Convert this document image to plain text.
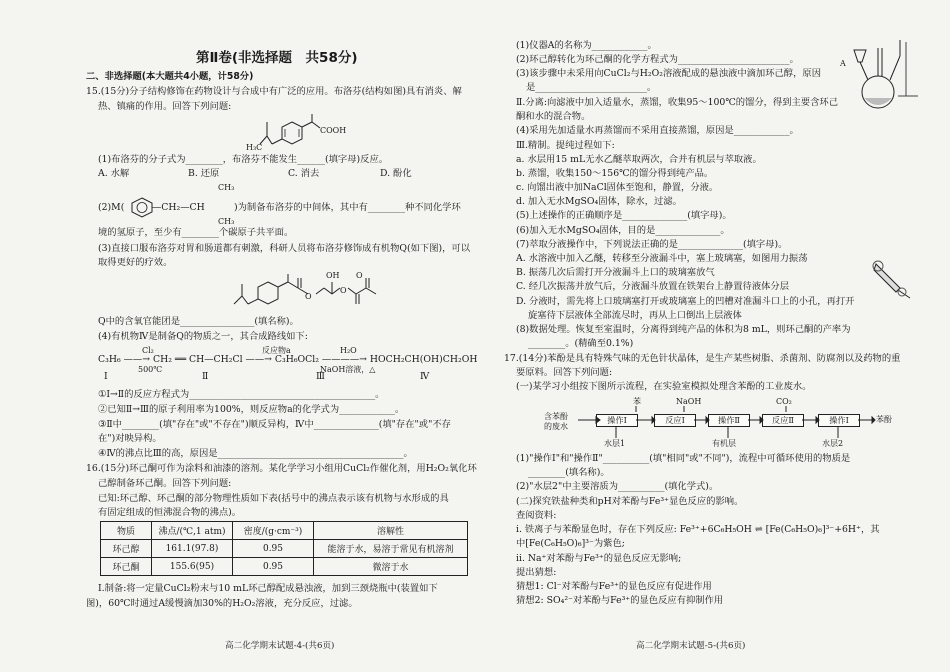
第Ⅱ卷(非选择题　共58分)
二、非选择题(本大题共4小题，计58分)
15.(15分)分子结构修饰在药物设计与合成中有广泛的应用。布洛芬(结构如图)具有消炎、解
热、镇痛的作用。回答下列问题:
COOH
H₃C
(1)布洛芬的分子式为________，布洛芬不能发生______(填字母)反应。
A. 水解	B. 还原	C. 消去	D. 酚化
CH₃
(2)M(	—CH₂—CH	)为制备布洛芬的中间体，其中有________种不同化学环
CH₃
境的氢原子，至少有________个碳原子共平面。
(3)直接口服布洛芬对胃和肠道都有刺激，科研人员将布洛芬修饰成有机物Q(如下图)，可以
取得更好的疗效。
OH
O
O
O
Q中的含氧官能团是________________(填名称)。
(4)有机物Ⅳ是制备Q的物质之一，其合成路线如下:
Cl₂
500℃
反应物a	H₂O
NaOH溶液，△
C₃H₆ ——→ CH₂ ══ CH—CH₂Cl ——→ C₃H₆OCl₂ ————→ HOCH₂CH(OH)CH₂OH
Ⅰ	Ⅱ	Ⅲ	Ⅳ
①Ⅰ→Ⅱ的反应方程式为________________________________________。
②已知Ⅱ→Ⅲ的原子利用率为100%，则反应物a的化学式为____________。
③Ⅱ中________(填"存在"或"不存在")顺反异构，Ⅳ中______________(填"存在"或"不存
在")对映异构。
④Ⅳ的沸点比Ⅲ的高，原因是________________________________________。
16.(15分)环己酮可作为涂料和油漆的溶剂。某化学学习小组用CuCl₂作催化剂，用H₂O₂氧化环
己醇制备环己酮。回答下列问题:
已知:环己醇、环己酮的部分物理性质如下表(括号中的沸点表示该有机物与水形成的具
有固定组成的恒沸混合物的沸点)。
物质	沸点/(℃,1 atm)	密度/(g·cm⁻³)	溶解性
环己醇	161.1(97.8)	0.95	能溶于水，易溶于常见有机溶剂
环己酮	155.6(95)	0.95	微溶于水
Ⅰ.制备:将一定量CuCl₂粉末与10 mL环己醇配成悬浊液，加到三颈烧瓶中(装置如下
图)，60℃时通过A缓慢滴加30%的H₂O₂溶液，充分反应，过滤。
高二化学期末试题-4-(共6页)
(1)仪器A的名称为____________。
(2)环己醇转化为环己酮的化学方程式为________________________。
(3)该步骤中未采用向CuCl₂与H₂O₂溶液配成的悬浊液中滴加环己醇，原因
是________________________。
A
Ⅱ.分离:向滤液中加入适量水，蒸馏，收集95～100℃的馏分，得到主要含环己
酮和水的混合物。
(4)采用先加适量水再蒸馏而不采用直接蒸馏，原因是____________。
Ⅲ.精制。提纯过程如下:
a. 水层用15 mL无水乙醚萃取两次，合并有机层与萃取液。
b. 蒸馏，收集150～156℃的馏分得到纯产品。
c. 向馏出液中加NaCl固体至饱和，静置，分液。
d. 加入无水MgSO₄固体，除水，过滤。
(5)上述操作的正确顺序是______________(填字母)。
(6)加入无水MgSO₄固体，目的是______________。
(7)萃取分液操作中，下列说法正确的是______________(填字母)。
A. 水溶液中加入乙醚，转移至分液漏斗中，塞上玻璃塞，如图用力振荡
B. 振荡几次后需打开分液漏斗上口的玻璃塞放气
C. 经几次振荡并放气后，分液漏斗放置在铁架台上静置待液体分层
D. 分液时，需先将上口玻璃塞打开或玻璃塞上的凹槽对准漏斗口上的小孔，再打开
旋塞待下层液体全部流尽时，再从上口倒出上层液体
(8)数据处理。恢复至室温时，分离得到纯产品的体积为8 mL，则环己酮的产率为
________。(精确至0.1%)
17.(14分)苯酚是具有特殊气味的无色针状晶体，是生产某些树脂、杀菌剂、防腐剂以及药物的重
要原料。回答下列问题:
(一)某学习小组按下图所示流程，在实验室模拟处理含苯酚的工业废水。
含苯酚
的废水
苯	NaOH	CO₂
操作Ⅰ	反应Ⅰ	操作Ⅱ	反应Ⅱ	操作Ⅰ	苯酚
水层1	有机层	水层2
(1)"操作Ⅰ"和"操作Ⅱ"__________(填"相同"或"不同")，流程中可循环使用的物质是
________(填名称)。
(2)"水层2"中主要溶质为__________(填化学式)。
(二)探究铁盐种类和pH对苯酚与Fe³⁺显色反应的影响。
查阅资料:
ⅰ. 铁离子与苯酚显色时，存在下列反应: Fe³⁺+6C₆H₅OH ⇌ [Fe(C₆H₅O)₆]³⁻+6H⁺，其
中[Fe(C₆H₅O)₆]³⁻为紫色;
ⅱ. Na⁺对苯酚与Fe³⁺的显色反应无影响;
提出猜想:
猜想1: Cl⁻对苯酚与Fe³⁺的显色反应有促进作用
猜想2: SO₄²⁻对苯酚与Fe³⁺的显色反应有抑制作用
高二化学期末试题-5-(共6页)
